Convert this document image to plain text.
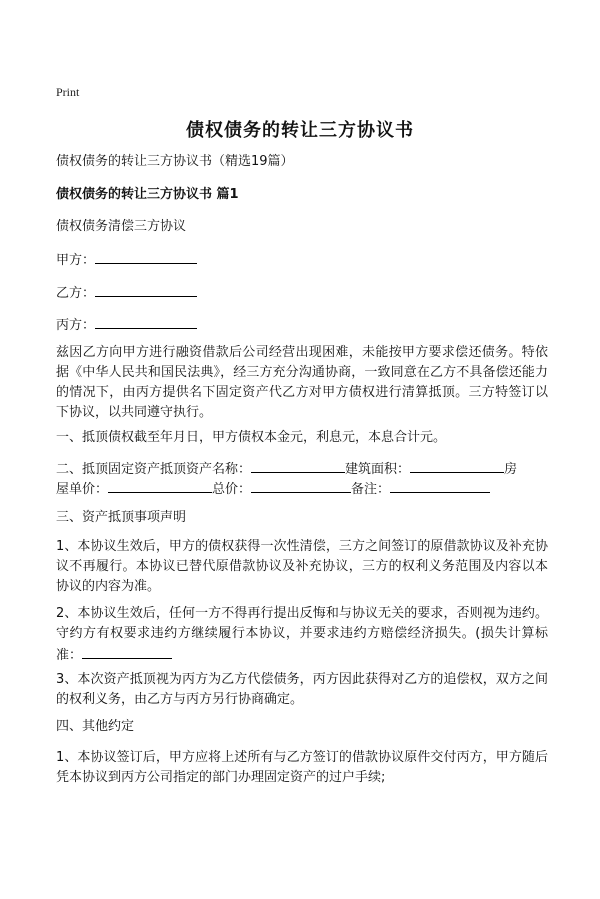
Print
债权债务的转让三方协议书
债权债务的转让三方协议书（精选19篇）
债权债务的转让三方协议书 篇1
债权债务清偿三方协议
甲方：
乙方：
丙方：
兹因乙方向甲方进行融资借款后公司经营出现困难，未能按甲方要求偿还债务。特依据《中华人民共和国民法典》，经三方充分沟通协商，一致同意在乙方不具备偿还能力的情况下，由丙方提供名下固定资产代乙方对甲方债权进行清算抵顶。三方特签订以下协议，以共同遵守执行。
一、抵顶债权截至年月日，甲方债权本金元，利息元，本息合计元。
二、抵顶固定资产抵顶资产名称：	建筑面积：	房
屋单价：	总价：	备注：
三、资产抵顶事项声明
1、本协议生效后，甲方的债权获得一次性清偿，三方之间签订的原借款协议及补充协议不再履行。本协议已替代原借款协议及补充协议，三方的权利义务范围及内容以本协议的内容为准。
2、本协议生效后，任何一方不得再行提出反悔和与协议无关的要求，否则视为违约。守约方有权要求违约方继续履行本协议，并要求违约方赔偿经济损失。(损失计算标准：
3、本次资产抵顶视为丙方为乙方代偿债务，丙方因此获得对乙方的追偿权，双方之间的权利义务，由乙方与丙方另行协商确定。
四、其他约定
1、本协议签订后，甲方应将上述所有与乙方签订的借款协议原件交付丙方，甲方随后凭本协议到丙方公司指定的部门办理固定资产的过户手续;
